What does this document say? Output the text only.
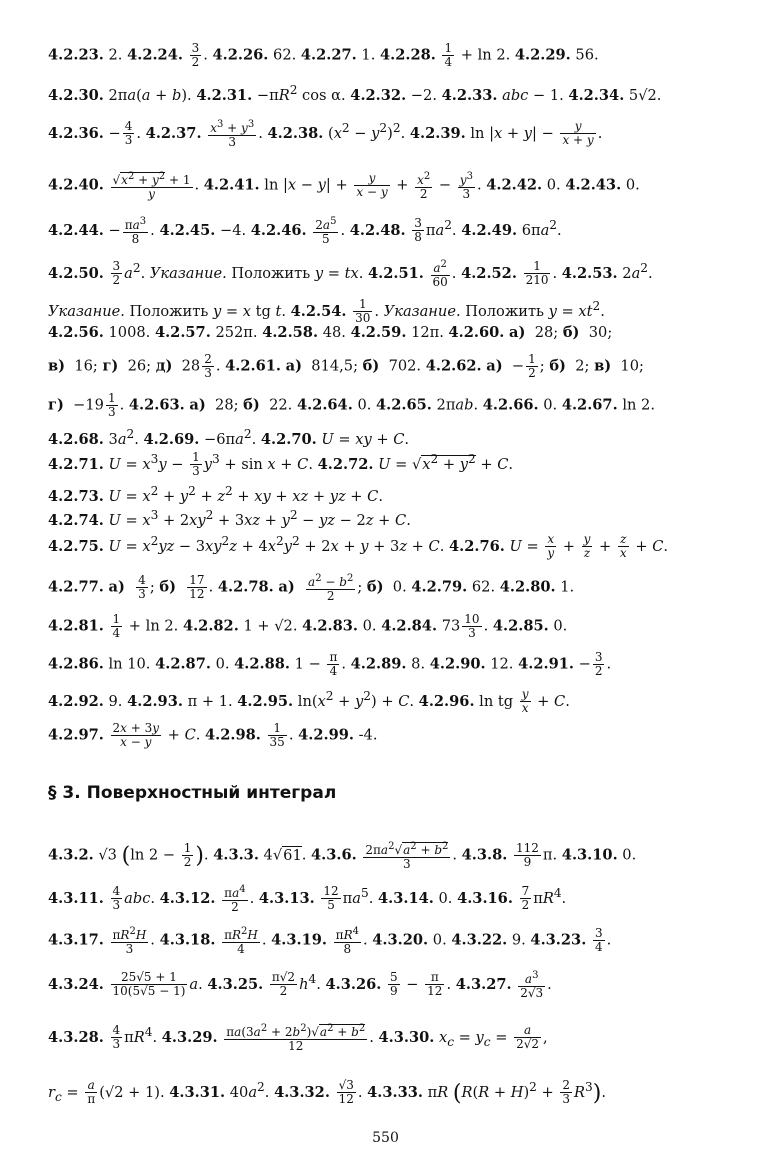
4.2.23. 2. 4.2.24. $\frac{3}{2}$ . 4.2.26. 62. 4.2.27. 1. 4.2.28. $\frac{1}{4} + \ln 2$. 4.2.29. 56.
4.2.30. 2πa(a + b). 4.2.31. $-\pi R^2$ cos α. 4.2.32. −2. 4.2.33. abc − 1. 4.2.34. 5√2.
4.2.36. − $\frac{4}{3}$ . 4.2.37. $\frac{x^3 + y^3}{3}$ . 4.2.38. $(x^2 - y^2)^2$. 4.2.39. $\ln |x + y| - \frac{y}{x + y}$ .
4.2.40. $\frac{√x^2 + y^2 + 1}{y}$ . 4.2.41. $\ln |x - y| + \frac{y}{x - y} + \frac{x^2}{2} - \frac{y^3}{3}$ . 4.2.42. 0. 4.2.43. 0.
4.2.44. − $\frac{\pi a^3}{8}$ . 4.2.45. −4. 4.2.46. $\frac{2a^5}{5}$ . 4.2.48. $\frac{3}{8} \pi a^2$. 4.2.49. $6\pi a^2$.
4.2.50. $\frac{3}{2} a^2$. Указание. Положить y = tx. 4.2.51. $\frac{a^2}{60}$ . 4.2.52. $\frac{1}{210}$ . 4.2.53. $2a^2$.
Указание. Положить y = x tg t. 4.2.54. $\frac{1}{30}$ . Указание. Положить $y = xt^2$.
4.2.56. 1008. 4.2.57. 252π. 4.2.58. 48. 4.2.59. 12π. 4.2.60. а)  28; б)  30;
в)  16; г)  26; д)  $28 \frac{2}{3}$ . 4.2.61. а)  814,5; б)  702. 4.2.62. $а) - \frac{1}{2}$ ; б)  2; в)  10;
$г) -19 \frac{1}{3}$ . 4.2.63. а)  28; б)  22. 4.2.64. 0. 4.2.65. 2πab. 4.2.66. 0. 4.2.67. ln 2.
4.2.68. $3a^2$. 4.2.69. $-6\pi a^2$. 4.2.70. U = xy + C.
4.2.71. $U = x^3y - \frac{1}{3} y^3 + \sin x + C$. 4.2.72. $U = √x^2 + y^2 + C$.
4.2.73. $U = x^2 + y^2 + z^2$ + xy + xz + yz + C.
4.2.74. $U = x^3 + 2xy^2 + 3xz + y^2$ − yz − 2z + C.
4.2.75. $U = x^2yz - 3xy^2z + 4x^2y^2 + 2x + y + 3z + C$. 4.2.76. $U = \frac{x}{y} + \frac{y}{z} + \frac{z}{x} + C$.
4.2.77. $а) \frac{4}{3}$ ; $б) \frac{17}{12}$ . 4.2.78. $а) \frac{a^2 - b^2}{2}$ ; б)  0. 4.2.79. 62. 4.2.80. 1.
4.2.81. $\frac{1}{4} + \ln 2$. 4.2.82. 1 + √2. 4.2.83. 0. 4.2.84. $73 \frac{10}{3}$ . 4.2.85. 0.
4.2.86. ln 10. 4.2.87. 0. 4.2.88. $1 - \frac{\pi}{4}$ . 4.2.89. 8. 4.2.90. 12. 4.2.91. − $\frac{3}{2}$ .
4.2.92. 9. 4.2.93. π + 1. 4.2.95. $\ln(x^2 + y^2) + C$. 4.2.96. ln tg $\frac{y}{x} + C$.
4.2.97. $\frac{2x + 3y}{x - y} + C$. 4.2.98. $\frac{1}{35}$ . 4.2.99. -4.
4.3.2. √3 (ln $2 - \frac{1}{2}$ ). 4.3.3. 4√61. 4.3.6. $\frac{2\pi a^2√a^2 + b^2}{3}$ . 4.3.8. $\frac{112}{9} \pi$. 4.3.10. 0.
4.3.11. $\frac{4}{3}$ abc. 4.3.12. $\frac{\pi a^4}{2}$ . 4.3.13. $\frac{12}{5} \pi a^5$. 4.3.14. 0. 4.3.16. $\frac{7}{2} \pi R^4$.
4.3.17. $\frac{\pi R^2H}{3}$ . 4.3.18. $\frac{\pi R^2H}{4}$ . 4.3.19. $\frac{\pi R^4}{8}$ . 4.3.20. 0. 4.3.22. 9. 4.3.23. $\frac{3}{4}$ .
4.3.24. $\frac{25√5 + 1}{10(5√5 - 1)} a$. 4.3.25. $\frac{\pi√2}{2} h^4$. 4.3.26. $\frac{5}{9} - \frac{\pi}{12}$ . 4.3.27. $\frac{a^3}{2√3}$ .
4.3.28. $\frac{4}{3} \pi R^4$. 4.3.29. $\frac{\pi a(3a^2 + 2b^2)√a^2 + b^2}{12}$ . 4.3.30. $x_c = y_c = \frac{a}{2√2}$ ,
$r_c = \frac{a}{\pi} (√2 + 1)$. 4.3.31. $40a^2$. 4.3.32. $\frac{√3}{12}$ . 4.3.33. πR $(R(R + H)^2 + \frac{2}{3} R^3)$.
§ 3. Поверхностный интеграл
550
